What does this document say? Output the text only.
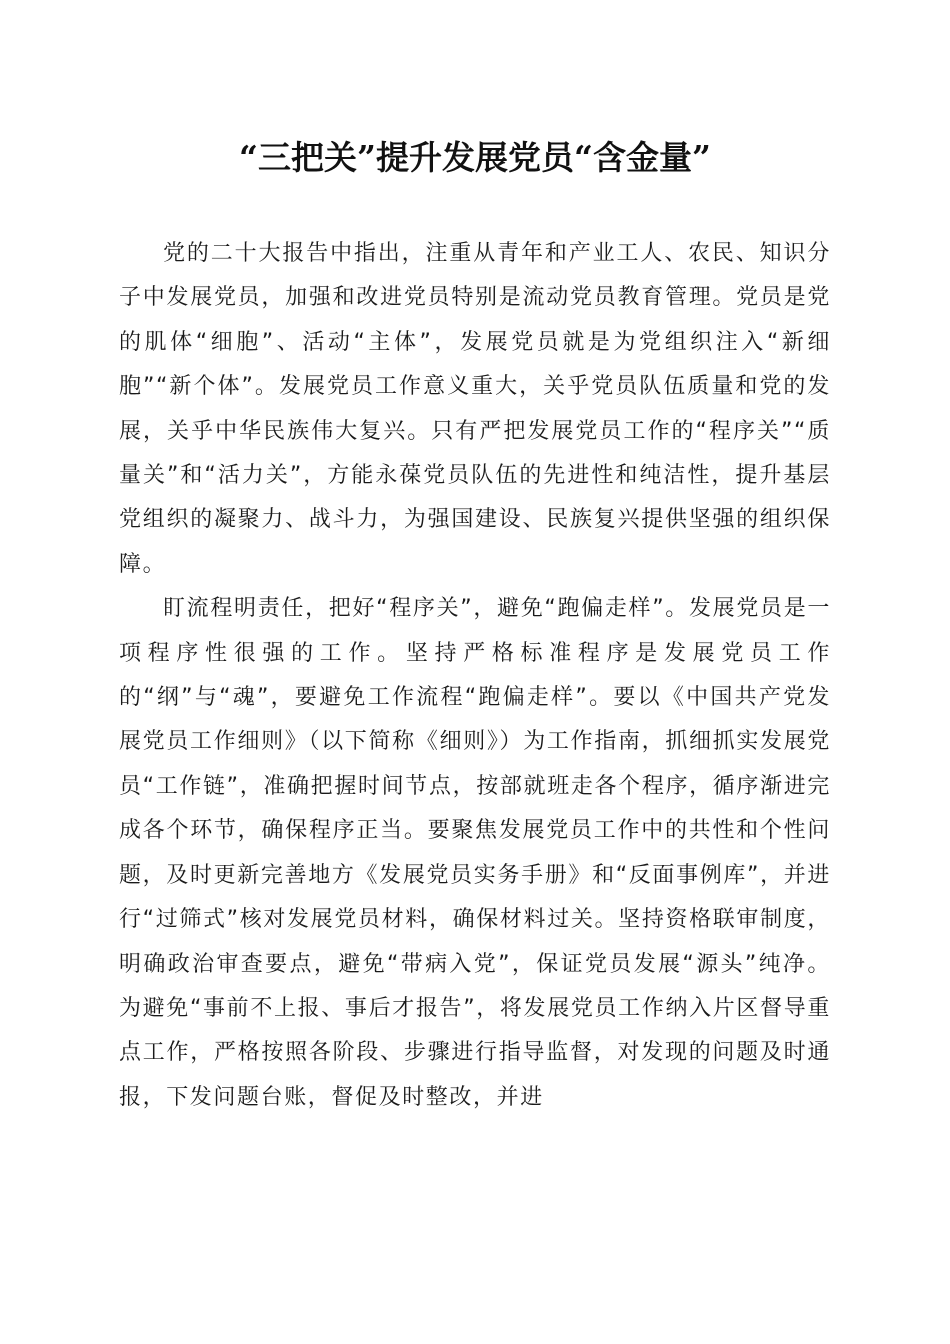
“三把关”提升发展党员“含金量”

党的二十大报告中指出，注重从青年和产业工人、农民、知识分子中发展党员，加强和改进党员特别是流动党员教育管理。党员是党的肌体“细胞”、活动“主体”，发展党员就是为党组织注入“新细胞”“新个体”。发展党员工作意义重大，关乎党员队伍质量和党的发展，关乎中华民族伟大复兴。只有严把发展党员工作的“程序关”“质量关”和“活力关”，方能永葆党员队伍的先进性和纯洁性，提升基层党组织的凝聚力、战斗力，为强国建设、民族复兴提供坚强的组织保障。

盯流程明责任，把好“程序关”，避免“跑偏走样”。发展党员是一项程序性很强的工作。坚持严格标准程序是发展党员工作的“纲”与“魂”，要避免工作流程“跑偏走样”。要以《中国共产党发展党员工作细则》（以下简称《细则》）为工作指南，抓细抓实发展党员“工作链”，准确把握时间节点，按部就班走各个程序，循序渐进完成各个环节，确保程序正当。要聚焦发展党员工作中的共性和个性问题，及时更新完善地方《发展党员实务手册》和“反面事例库”，并进行“过筛式”核对发展党员材料，确保材料过关。坚持资格联审制度，明确政治审查要点，避免“带病入党”，保证党员发展“源头”纯净。为避免“事前不上报、事后才报告”，将发展党员工作纳入片区督导重点工作，严格按照各阶段、步骤进行指导监督，对发现的问题及时通报，下发问题台账，督促及时整改，并进
